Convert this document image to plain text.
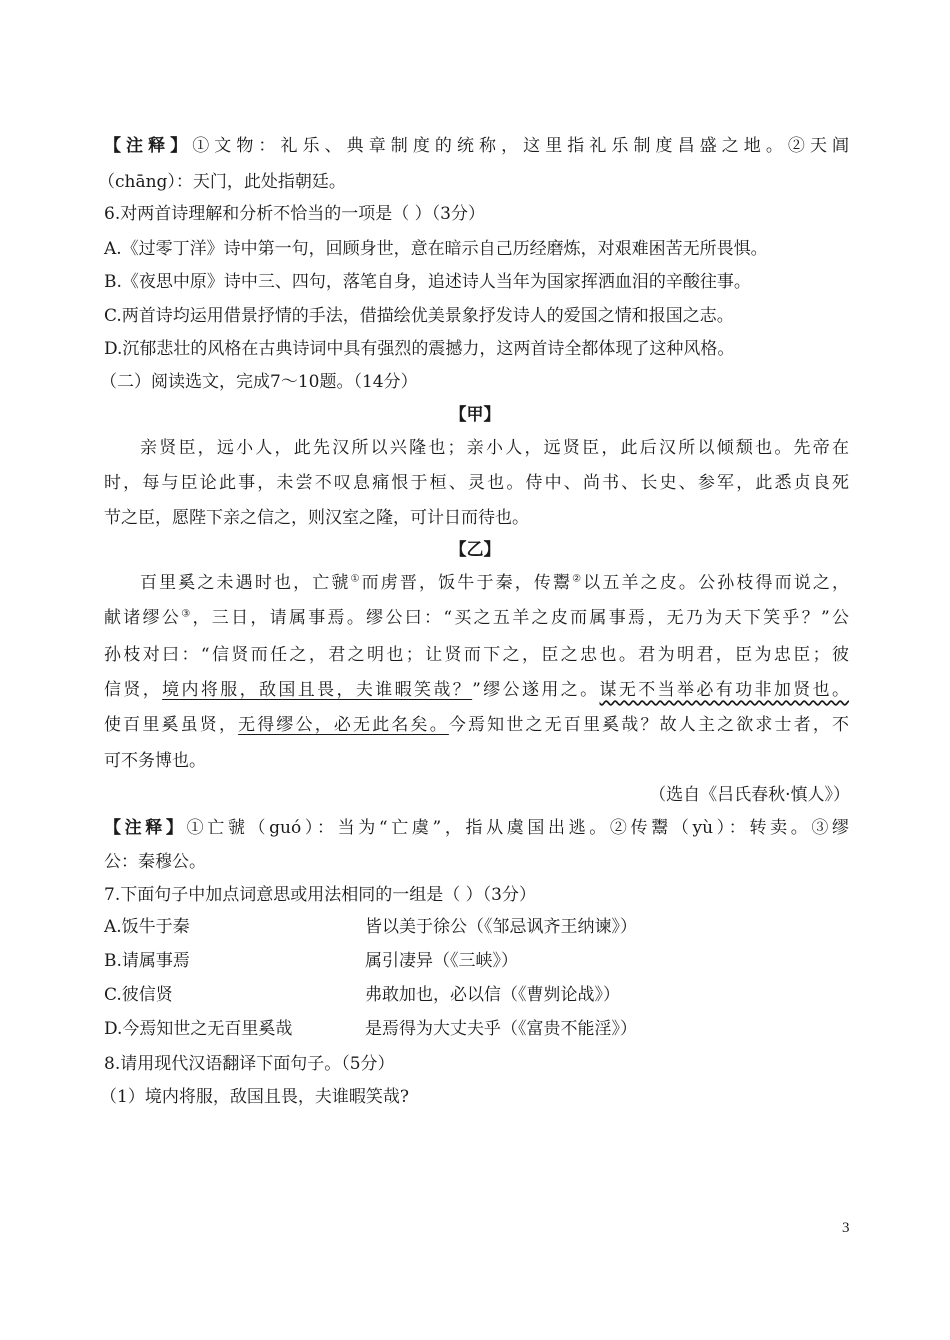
【注释】①文物：礼乐、典章制度的统称，这里指礼乐制度昌盛之地。②天阊
（chāng）：天门，此处指朝廷。
6.对两首诗理解和分析不恰当的一项是（ ）（3分）
A.《过零丁洋》诗中第一句，回顾身世，意在暗示自己历经磨炼，对艰难困苦无所畏惧。
B.《夜思中原》诗中三、四句，落笔自身，追述诗人当年为国家挥洒血泪的辛酸往事。
C.两首诗均运用借景抒情的手法，借描绘优美景象抒发诗人的爱国之情和报国之志。
D.沉郁悲壮的风格在古典诗词中具有强烈的震撼力，这两首诗全都体现了这种风格。
（二）阅读选文，完成7～10题。（14分）
【甲】
亲贤臣，远小人，此先汉所以兴隆也；亲小人，远贤臣，此后汉所以倾颓也。先帝在
时，每与臣论此事，未尝不叹息痛恨于桓、灵也。侍中、尚书、长史、参军，此悉贞良死
节之臣，愿陛下亲之信之，则汉室之隆，可计日而待也。
【乙】
百里奚之未遇时也，亡虢①而虏晋，饭牛于秦，传鬻②以五羊之皮。公孙枝得而说之，
献诸缪公③，三日，请属事焉。缪公曰：“买之五羊之皮而属事焉，无乃为天下笑乎？”公
孙枝对曰：“信贤而任之，君之明也；让贤而下之，臣之忠也。君为明君，臣为忠臣；彼
信贤，境内将服，敌国且畏，夫谁暇笑哉？”缪公遂用之。谋无不当举必有功非加贤也。
使百里奚虽贤，无得缪公，必无此名矣。今焉知世之无百里奚哉？故人主之欲求士者，不
可不务博也。
（选自《吕氏春秋·慎人》）
【注释】①亡虢（guó）：当为“亡虞”，指从虞国出逃。②传鬻（yù）：转卖。③缪
公：秦穆公。
7.下面句子中加点词意思或用法相同的一组是（ ）（3分）
A.饭牛于秦	皆以美于徐公（《邹忌讽齐王纳谏》）
B.请属事焉	属引凄异（《三峡》）
C.彼信贤	弗敢加也，必以信（《曹刿论战》）
D.今焉知世之无百里奚哉	是焉得为大丈夫乎（《富贵不能淫》）
8.请用现代汉语翻译下面句子。（5分）
（1）境内将服，敌国且畏，夫谁暇笑哉?
3
